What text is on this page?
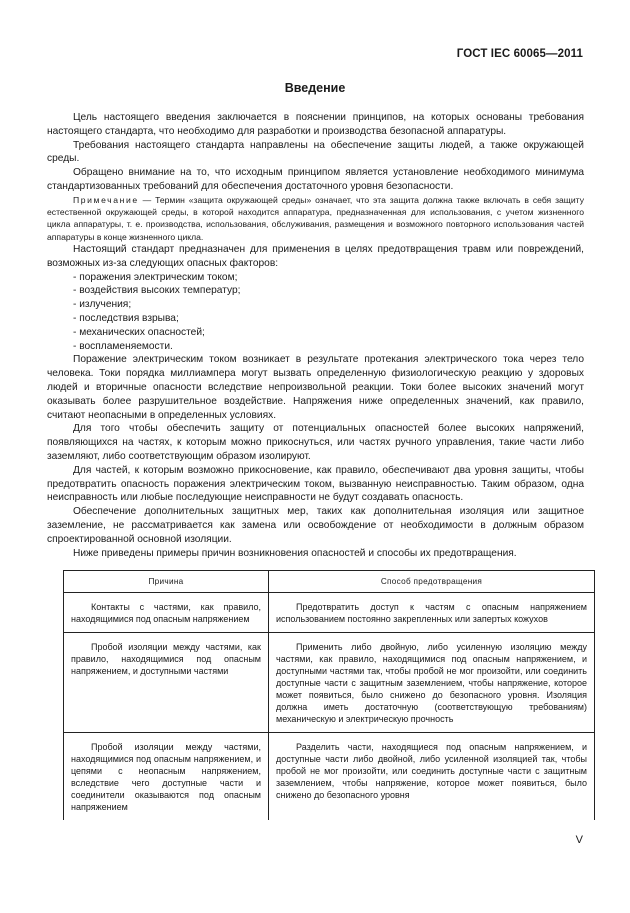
ГОСТ IEC 60065—2011
Введение

Цель настоящего введения заключается в пояснении принципов, на которых основаны требования настоящего стандарта, что необходимо для разработки и производства безопасной аппаратуры.

Требования настоящего стандарта направлены на обеспечение защиты людей, а также окружающей среды.

Обращено внимание на то, что исходным принципом является установление необходимого минимума стандартизованных требований для обеспечения достаточного уровня безопасности.

Примечание — Термин «защита окружающей среды» означает, что эта защита должна также включать в себя защиту естественной окружающей среды, в которой находится аппаратура, предназначенная для использования, с учетом жизненного цикла аппаратуры, т. е. производства, использования, обслуживания, размещения и возможного повторного использования частей аппаратуры в конце жизненного цикла.

Настоящий стандарт предназначен для применения в целях предотвращения травм или повреждений, возможных из-за следующих опасных факторов:

- поражения электрическим током;
- воздействия высоких температур;
- излучения;
- последствия взрыва;
- механических опасностей;
- воспламеняемости.

Поражение электрическим током возникает в результате протекания электрического тока через тело человека. Токи порядка миллиампера могут вызвать определенную физиологическую реакцию у здоровых людей и вторичные опасности вследствие непроизвольной реакции. Токи более высоких значений могут оказывать более разрушительное воздействие. Напряжения ниже определенных значений, как правило, считают неопасными в определенных условиях.

Для того чтобы обеспечить защиту от потенциальных опасностей более высоких напряжений, появляющихся на частях, к которым можно прикоснуться, или частях ручного управления, такие части либо заземляют, либо соответствующим образом изолируют.

Для частей, к которым возможно прикосновение, как правило, обеспечивают два уровня защиты, чтобы предотвратить опасность поражения электрическим током, вызванную неисправностью. Таким образом, одна неисправность или любые последующие неисправности не будут создавать опасность.

Обеспечение дополнительных защитных мер, таких как дополнительная изоляция или защитное заземление, не рассматривается как замена или освобождение от необходимости в должным образом спроектированной основной изоляции.

Ниже приведены примеры причин возникновения опасностей и способы их предотвращения.

Причина	Способ предотвращения

Контакты с частями, как правило, находящимися под опасным напряжением	Предотвратить доступ к частям с опасным напряжением использованием постоянно закрепленных или запертых кожухов

Пробой изоляции между частями, как правило, находящимися под опасным напряжением, и доступными частями	Применить либо двойную, либо усиленную изоляцию между частями, как правило, находящимися под опасным напряжением, и доступными частями так, чтобы пробой не мог произойти, или соединить доступные части с защитным заземлением, чтобы напряжение, которое может появиться, было снижено до безопасного уровня. Изоляция должна иметь достаточную (соответствующую требованиям) механическую и электрическую прочность

Пробой изоляции между частями, находящимися под опасным напряжением, и цепями с неопасным напряжением, вследствие чего доступные части и соединители оказываются под опасным напряжением	Разделить части, находящиеся под опасным напряжением, и доступные части либо двойной, либо усиленной изоляцией так, чтобы пробой не мог произойти, или соединить доступные части с защитным заземлением, чтобы напряжение, которое может появиться, было снижено до безопасного уровня

V
